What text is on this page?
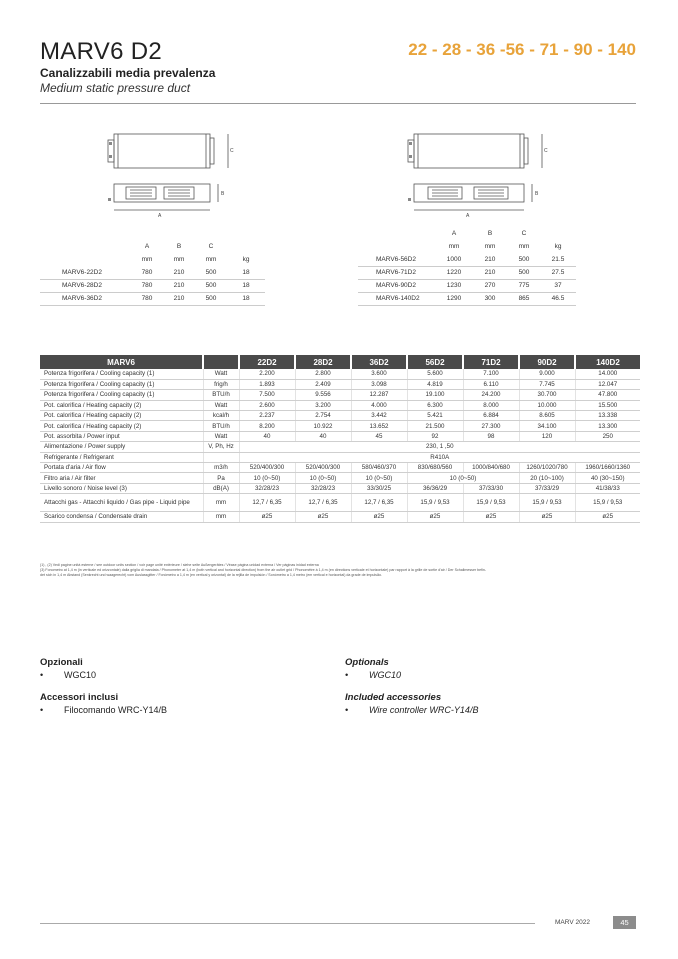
MARV6 D2	22 - 28 - 36 -56 - 71 - 90 - 140
Canalizzabili media prevalenza
Medium static pressure duct
C
B
A
C
B
A
	A	B	C	
	mm	mm	mm	kg
MARV6-22D2	780	210	500	18
MARV6-28D2	780	210	500	18
MARV6-36D2	780	210	500	18
	A	B	C	
	mm	mm	mm	kg
MARV6-56D2	1000	210	500	21.5
MARV6-71D2	1220	210	500	27.5
MARV6-90D2	1230	270	775	37
MARV6-140D2	1290	300	865	46.5
MARV6		22D2	28D2	36D2	56D2	71D2	90D2	140D2
Potenza frigorifera / Cooling capacity (1)	Watt	2.200	2.800	3.600	5.600	7.100	9.000	14.000
Potenza frigorifera / Cooling capacity (1)	frig/h	1.893	2.409	3.098	4.819	6.110	7.745	12.047
Potenza frigorifera / Cooling capacity (1)	BTU/h	7.500	9.556	12.287	19.100	24.200	30.700	47.800
Pot. calorifica / Heating capacity (2)	Watt	2.600	3.200	4.000	6.300	8.000	10.000	15.500
Pot. calorifica / Heating capacity (2)	kcal/h	2.237	2.754	3.442	5.421	6.884	8.605	13.338
Pot. calorifica / Heating capacity (2)	BTU/h	8.200	10.922	13.652	21.500	27.300	34.100	13.300
Pot. assorbita / Power input	Watt	40	40	45	92	98	120	250
Alimentazione / Power supply	V, Ph, Hz	230, 1 ,50						
Refrigerante / Refrigerant		R410A						
Portata d'aria / Air flow	m3/h	520/400/300	520/400/300	580/460/370	830/680/560	1000/840/680	1260/1020/780	1960/1660/1360
Filtro aria / Air filter	Pa	10 (0~50)	10 (0~50)	10 (0~50)	10 (0~50)		20 (10~100)	40 (30~150)
Livello sonoro / Noise level (3)	dB(A)	32/28/23	32/28/23	33/30/25	36/36/29	37/33/30	37/33/29	41/38/33
Attacchi gas - Attacchi liquido / Gas pipe - Liquid pipe	mm	12,7 / 6,35	12,7 / 6,35	12,7 / 6,35	15,9 / 9,53	15,9 / 9,53	15,9 / 9,53	15,9 / 9,53
Scarico condensa / Condensate drain	mm	ø25	ø25	ø25	ø25	ø25	ø25	ø25
(1) , (2) Vedi pagine unità esterne / see outdoor units section / voir page unité extérieure / siehe seite Außengerätes / Véase página unidad externa / Ver páginas inidad externa
(3) Fonometro at 1,4 m (in verticale ed orizzontale) dalla griglia di mandata / Phonometer at 1,4 m (both vertical and horizontal direction) from the air outlet grid / Phonomètre à 1,4 m (en directions verticale et horizontale) par rapport à la grille de sortie d'air / Der Schallmesser befin-
det sich in 1,4 m Abstand (Senkrecht und waagerecht) vom Auslassgitter / Fonómetro a 1,4 m (en vertical y orizontal) de la rejilla de impulsión / Sonómetro a 1,4 metro (em vertical e horizontal) da grade de impulsão.
Opzionali
• WGC10
Optionals
• WGC10
Accessori inclusi
• Filocomando WRC-Y14/B
Included accessories
• Wire controller WRC-Y14/B
MARV 2022	45
